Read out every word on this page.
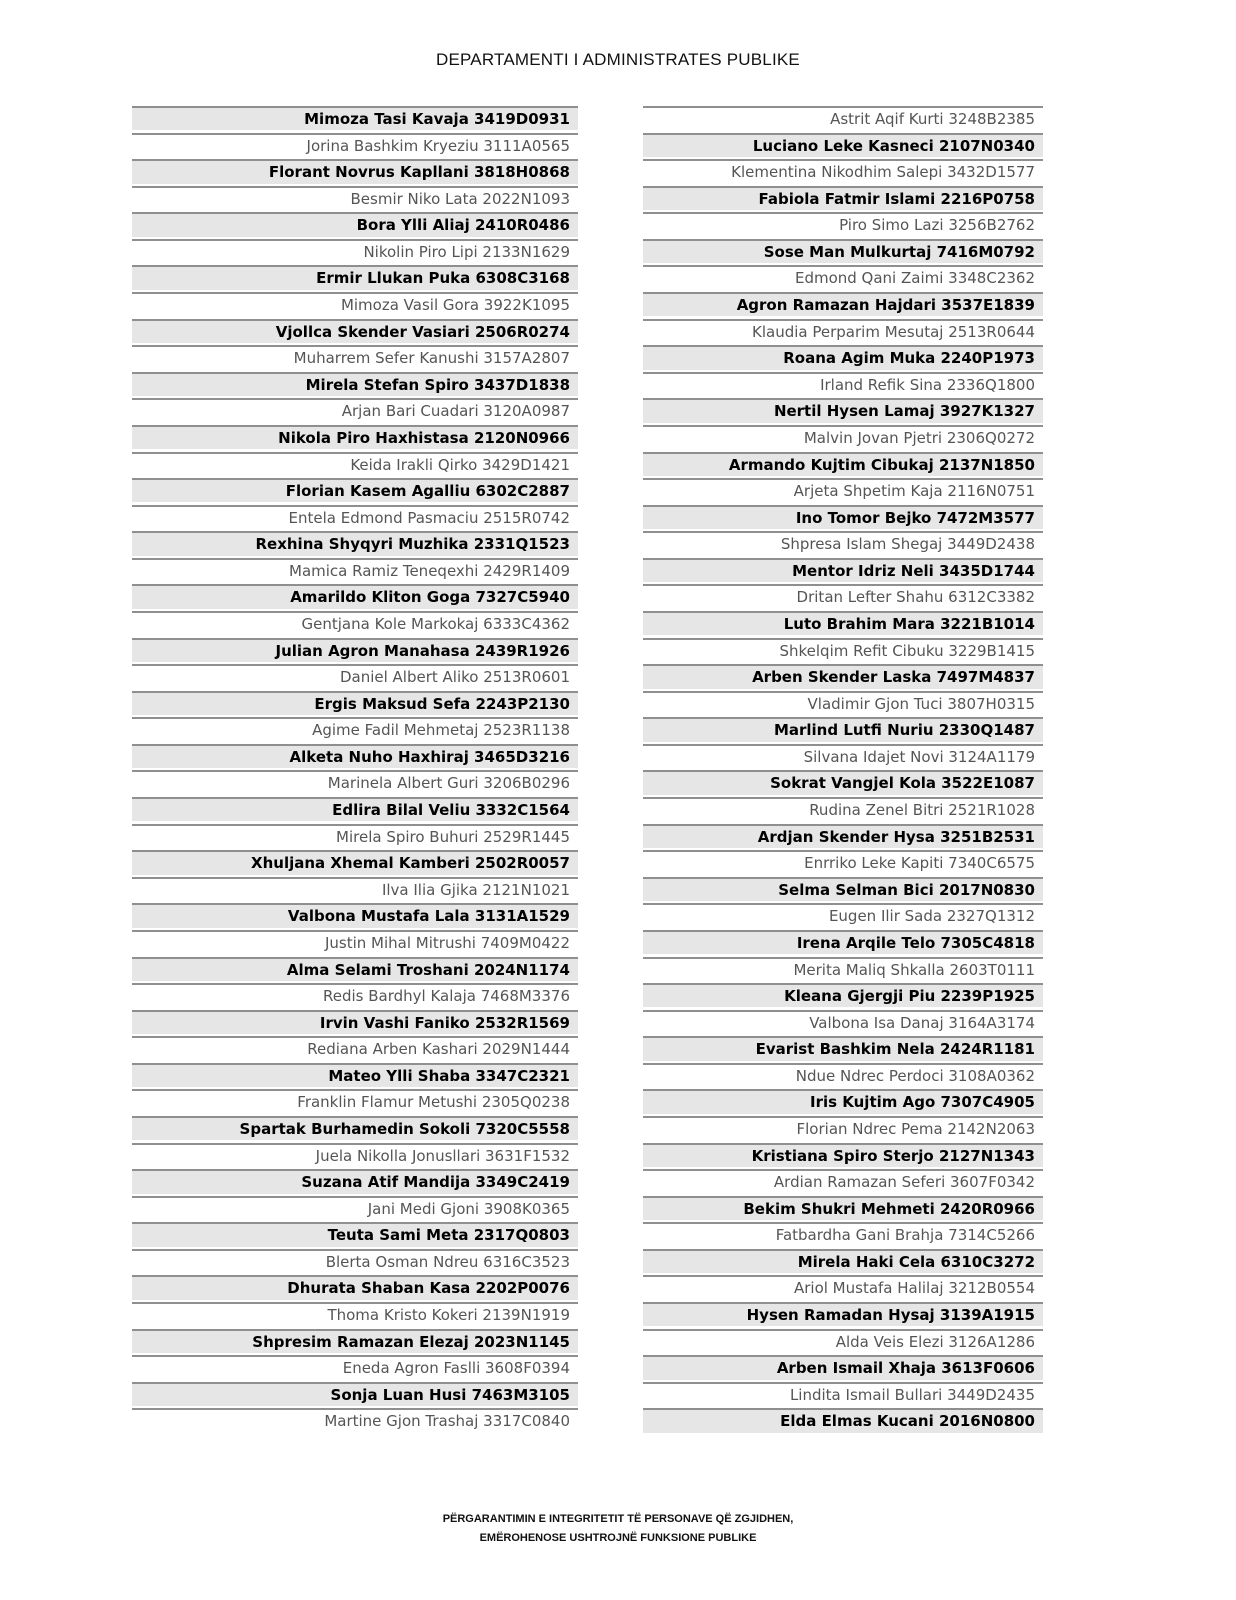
DEPARTAMENTI I ADMINISTRATES PUBLIKE
Mimoza Tasi Kavaja 3419D0931
Jorina Bashkim Kryeziu 3111A0565
Florant Novrus Kapllani 3818H0868
Besmir Niko Lata 2022N1093
Bora Ylli Aliaj 2410R0486
Nikolin Piro Lipi 2133N1629
Ermir Llukan Puka 6308C3168
Mimoza Vasil Gora 3922K1095
Vjollca Skender Vasiari 2506R0274
Muharrem Sefer Kanushi 3157A2807
Mirela Stefan Spiro 3437D1838
Arjan Bari Cuadari 3120A0987
Nikola Piro Haxhistasa 2120N0966
Keida Irakli Qirko 3429D1421
Florian Kasem Agalliu 6302C2887
Entela Edmond Pasmaciu 2515R0742
Rexhina Shyqyri Muzhika 2331Q1523
Mamica Ramiz Teneqexhi 2429R1409
Amarildo Kliton Goga 7327C5940
Gentjana Kole Markokaj 6333C4362
Julian Agron Manahasa 2439R1926
Daniel Albert Aliko 2513R0601
Ergis Maksud Sefa 2243P2130
Agime Fadil Mehmetaj 2523R1138
Alketa Nuho Haxhiraj 3465D3216
Marinela Albert Guri 3206B0296
Edlira Bilal Veliu 3332C1564
Mirela Spiro Buhuri 2529R1445
Xhuljana Xhemal Kamberi 2502R0057
Ilva Ilia Gjika 2121N1021
Valbona Mustafa Lala 3131A1529
Justin Mihal Mitrushi 7409M0422
Alma Selami Troshani 2024N1174
Redis Bardhyl Kalaja 7468M3376
Irvin Vashi Faniko 2532R1569
Rediana Arben Kashari 2029N1444
Mateo Ylli Shaba 3347C2321
Franklin Flamur Metushi 2305Q0238
Spartak Burhamedin Sokoli 7320C5558
Juela Nikolla Jonusllari 3631F1532
Suzana Atif Mandija 3349C2419
Jani Medi Gjoni 3908K0365
Teuta Sami Meta 2317Q0803
Blerta Osman Ndreu 6316C3523
Dhurata Shaban Kasa 2202P0076
Thoma Kristo Kokeri 2139N1919
Shpresim Ramazan Elezaj 2023N1145
Eneda Agron Faslli 3608F0394
Sonja Luan Husi 7463M3105
Martine Gjon Trashaj 3317C0840
Astrit Aqif Kurti 3248B2385
Luciano Leke Kasneci 2107N0340
Klementina Nikodhim Salepi 3432D1577
Fabiola Fatmir Islami 2216P0758
Piro Simo Lazi 3256B2762
Sose Man Mulkurtaj 7416M0792
Edmond Qani Zaimi 3348C2362
Agron Ramazan Hajdari 3537E1839
Klaudia Perparim Mesutaj 2513R0644
Roana Agim Muka 2240P1973
Irland Refik Sina 2336Q1800
Nertil Hysen Lamaj 3927K1327
Malvin Jovan Pjetri 2306Q0272
Armando Kujtim Cibukaj 2137N1850
Arjeta Shpetim Kaja 2116N0751
Ino Tomor Bejko 7472M3577
Shpresa Islam Shegaj 3449D2438
Mentor Idriz Neli 3435D1744
Dritan Lefter Shahu 6312C3382
Luto Brahim Mara 3221B1014
Shkelqim Refit Cibuku 3229B1415
Arben Skender Laska 7497M4837
Vladimir Gjon Tuci 3807H0315
Marlind Lutfi Nuriu 2330Q1487
Silvana Idajet Novi 3124A1179
Sokrat Vangjel Kola 3522E1087
Rudina Zenel Bitri 2521R1028
Ardjan Skender Hysa 3251B2531
Enrriko Leke Kapiti 7340C6575
Selma Selman Bici 2017N0830
Eugen Ilir Sada 2327Q1312
Irena Arqile Telo 7305C4818
Merita Maliq Shkalla 2603T0111
Kleana Gjergji Piu 2239P1925
Valbona Isa Danaj 3164A3174
Evarist Bashkim Nela 2424R1181
Ndue Ndrec Perdoci 3108A0362
Iris Kujtim Ago 7307C4905
Florian Ndrec Pema 2142N2063
Kristiana Spiro Sterjo 2127N1343
Ardian Ramazan Seferi 3607F0342
Bekim Shukri Mehmeti 2420R0966
Fatbardha Gani Brahja 7314C5266
Mirela Haki Cela 6310C3272
Ariol Mustafa Halilaj 3212B0554
Hysen Ramadan Hysaj 3139A1915
Alda Veis Elezi 3126A1286
Arben Ismail Xhaja 3613F0606
Lindita Ismail Bullari 3449D2435
Elda Elmas Kucani 2016N0800
PËRGARANTIMIN E INTEGRITETIT TË PERSONAVE QË ZGJIDHEN,
EMËROHENOSE USHTROJNË FUNKSIONE PUBLIKE
